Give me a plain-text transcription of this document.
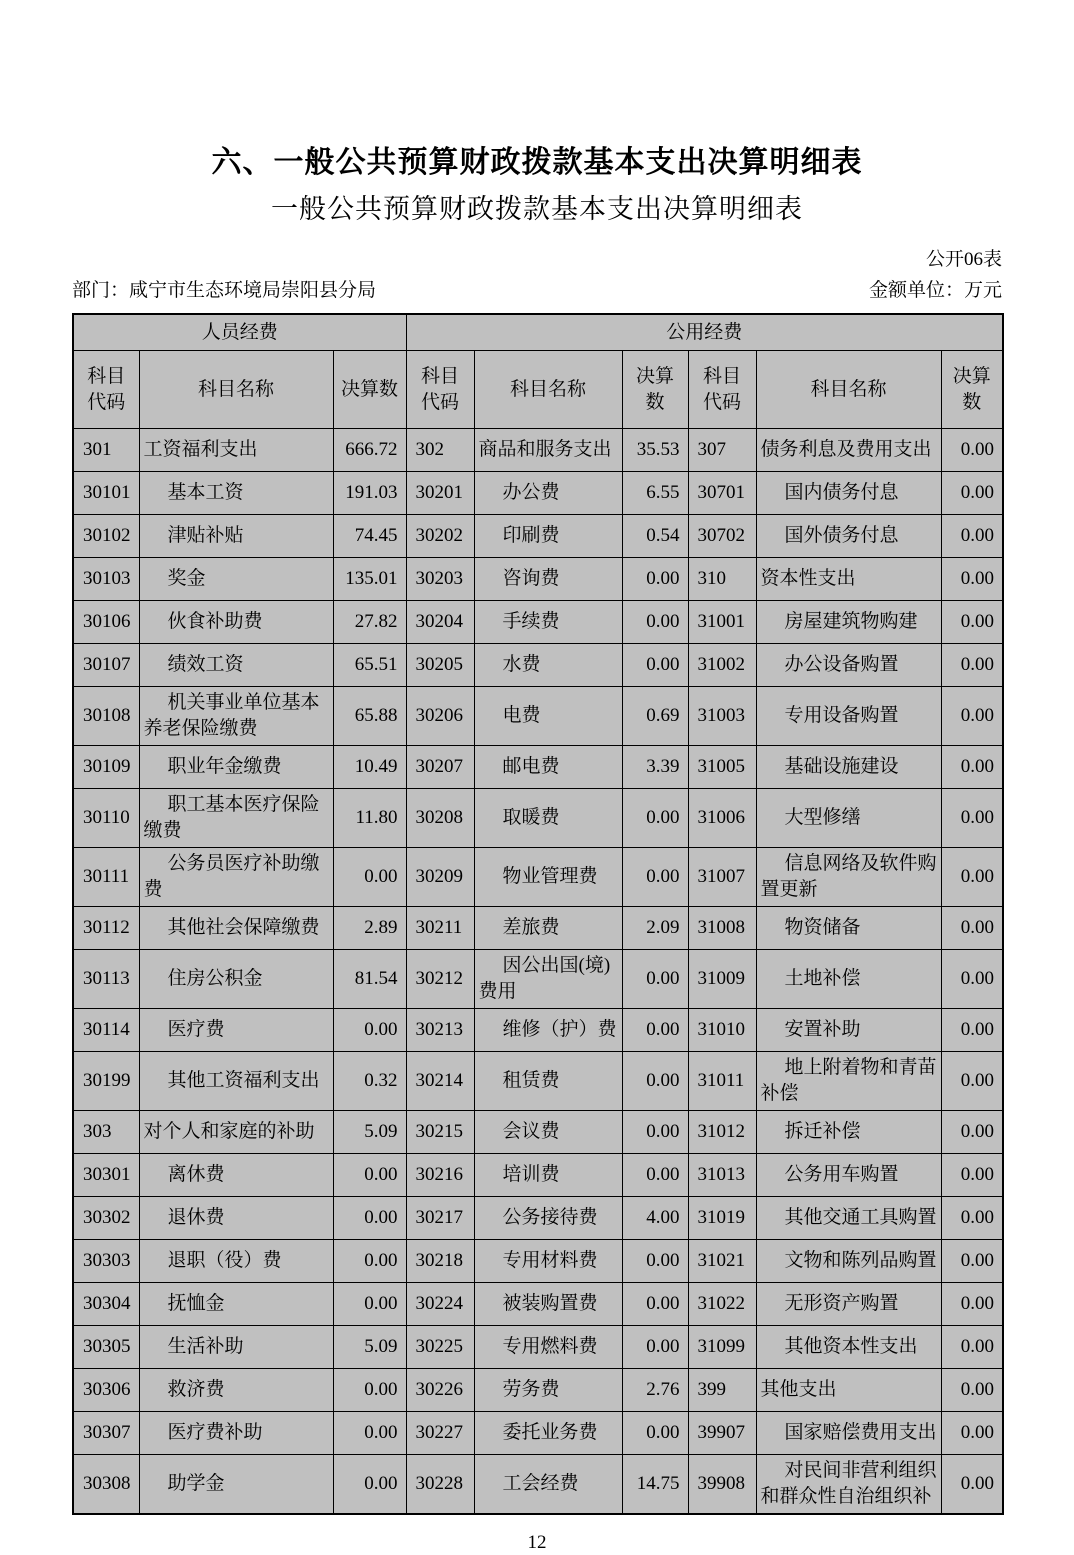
六、一般公共预算财政拨款基本支出决算明细表
一般公共预算财政拨款基本支出决算明细表
公开06表
部门：咸宁市生态环境局崇阳县分局	金额单位：万元
人员经费			公用经费					
科目代码	科目名称	决算数	科目代码	科目名称	决算数	科目代码	科目名称	决算数
301	工资福利支出	666.72	302	商品和服务支出	35.53	307	债务利息及费用支出	0.00
30101	基本工资	191.03	30201	办公费	6.55	30701	国内债务付息	0.00
30102	津贴补贴	74.45	30202	印刷费	0.54	30702	国外债务付息	0.00
30103	奖金	135.01	30203	咨询费	0.00	310	资本性支出	0.00
30106	伙食补助费	27.82	30204	手续费	0.00	31001	房屋建筑物购建	0.00
30107	绩效工资	65.51	30205	水费	0.00	31002	办公设备购置	0.00
30108	机关事业单位基本养老保险缴费	65.88	30206	电费	0.69	31003	专用设备购置	0.00
30109	职业年金缴费	10.49	30207	邮电费	3.39	31005	基础设施建设	0.00
30110	职工基本医疗保险缴费	11.80	30208	取暖费	0.00	31006	大型修缮	0.00
30111	公务员医疗补助缴费	0.00	30209	物业管理费	0.00	31007	信息网络及软件购置更新	0.00
30112	其他社会保障缴费	2.89	30211	差旅费	2.09	31008	物资储备	0.00
30113	住房公积金	81.54	30212	因公出国(境)费用	0.00	31009	土地补偿	0.00
30114	医疗费	0.00	30213	维修（护）费	0.00	31010	安置补助	0.00
30199	其他工资福利支出	0.32	30214	租赁费	0.00	31011	地上附着物和青苗补偿	0.00
303	对个人和家庭的补助	5.09	30215	会议费	0.00	31012	拆迁补偿	0.00
30301	离休费	0.00	30216	培训费	0.00	31013	公务用车购置	0.00
30302	退休费	0.00	30217	公务接待费	4.00	31019	其他交通工具购置	0.00
30303	退职（役）费	0.00	30218	专用材料费	0.00	31021	文物和陈列品购置	0.00
30304	抚恤金	0.00	30224	被装购置费	0.00	31022	无形资产购置	0.00
30305	生活补助	5.09	30225	专用燃料费	0.00	31099	其他资本性支出	0.00
30306	救济费	0.00	30226	劳务费	2.76	399	其他支出	0.00
30307	医疗费补助	0.00	30227	委托业务费	0.00	39907	国家赔偿费用支出	0.00
30308	助学金	0.00	30228	工会经费	14.75	39908	对民间非营利组织和群众性自治组织补	0.00
12
